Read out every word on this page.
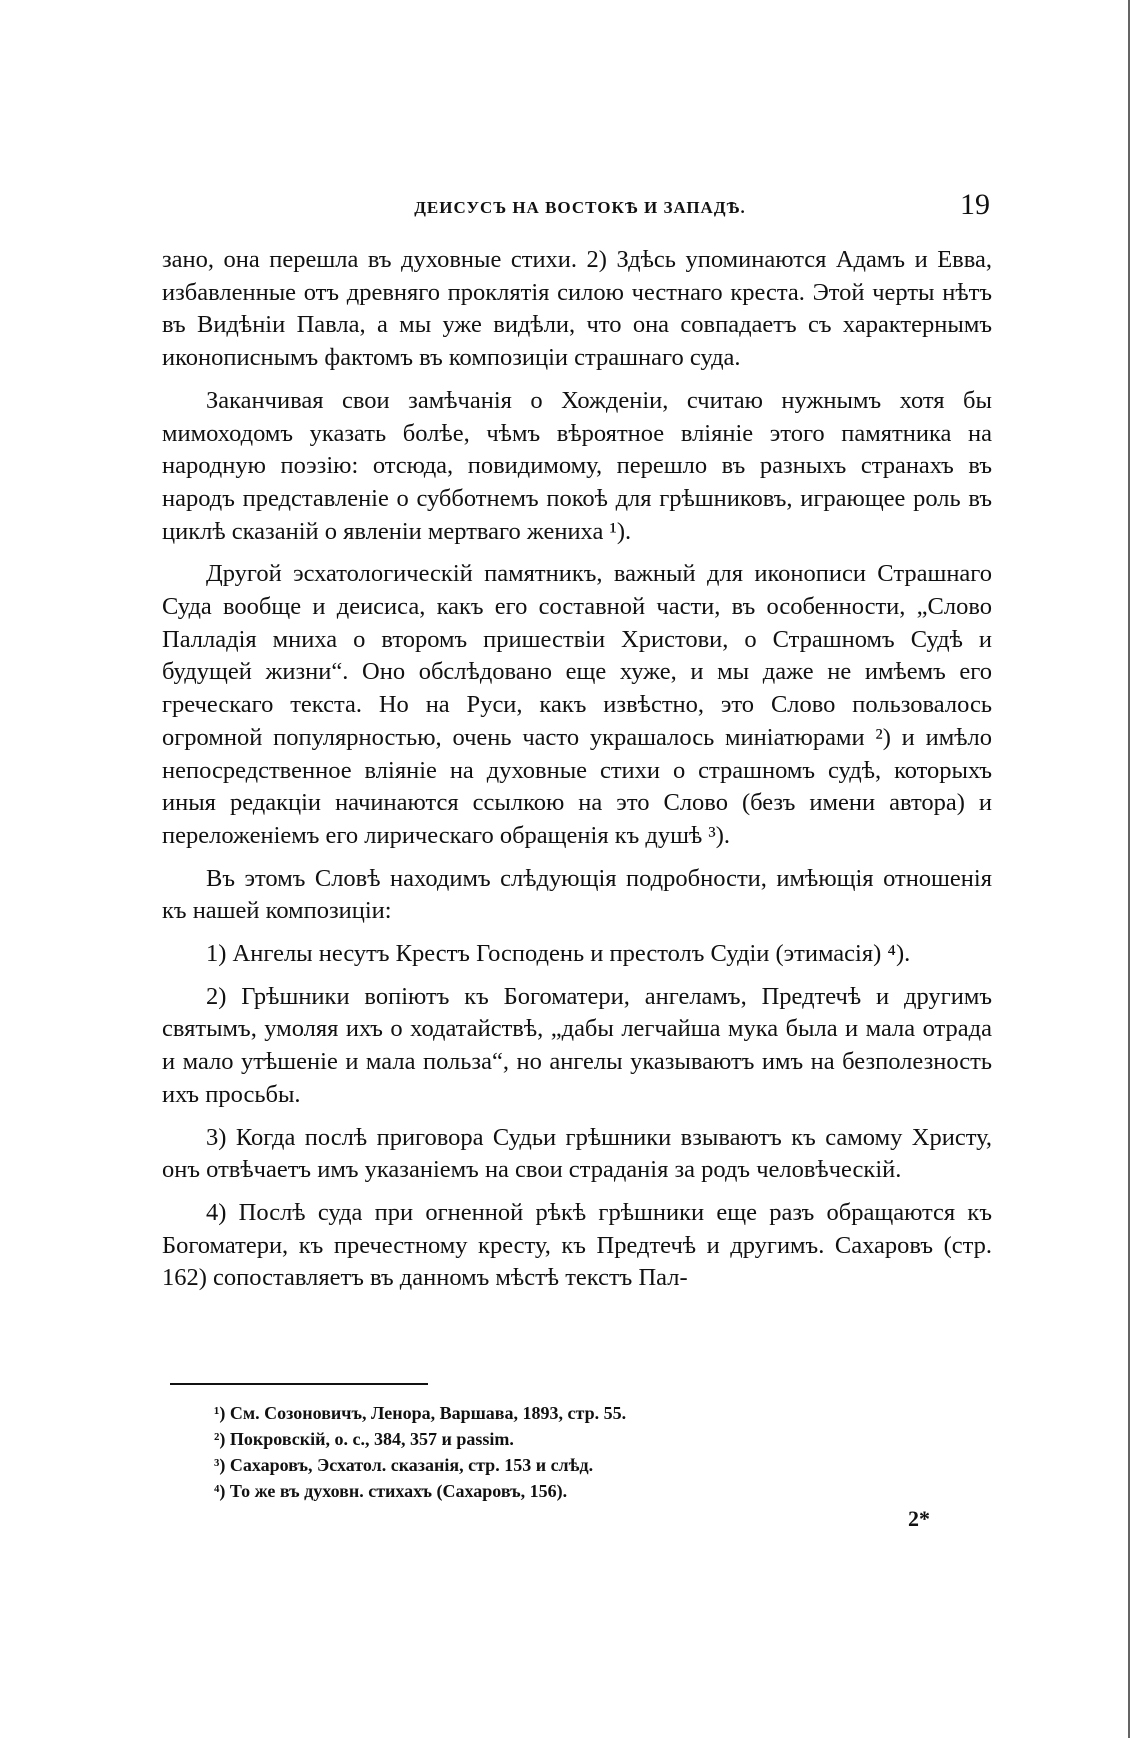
ДЕИСУСЪ НА ВОСТОКѢ И ЗАПАДѢ.	19

зано, она перешла въ духовные стихи. 2) Здѣсь упоминаются Адамъ и Евва, избавленные отъ древняго проклятія силою честнаго креста. Этой черты нѣтъ въ Видѣніи Павла, а мы уже видѣли, что она совпадаетъ съ характернымъ иконописнымъ фактомъ въ композиціи страшнаго суда.

Заканчивая свои замѣчанія о Хожденіи, считаю нужнымъ хотя бы мимоходомъ указать болѣе, чѣмъ вѣроятное вліяніе этого памятника на народную поэзію: отсюда, повидимому, перешло въ разныхъ странахъ въ народъ представленіе о субботнемъ покоѣ для грѣшниковъ, играющее роль въ циклѣ сказаній о явленіи мертваго жениха ¹).

Другой эсхатологическій памятникъ, важный для иконописи Страшнаго Суда вообще и деисиса, какъ его составной части, въ особенности, „Слово Палладія мниха о второмъ пришествіи Христови, о Страшномъ Судѣ и будущей жизни“. Оно обслѣдовано еще хуже, и мы даже не имѣемъ его греческаго текста. Но на Руси, какъ извѣстно, это Слово пользовалось огромной популярностью, очень часто украшалось миніатюрами ²) и имѣло непосредственное вліяніе на духовные стихи о страшномъ судѣ, которыхъ иныя редакціи начинаются ссылкою на это Слово (безъ имени автора) и переложеніемъ его лирическаго обращенія къ душѣ ³).

Въ этомъ Словѣ находимъ слѣдующія подробности, имѣющія отношенія къ нашей композиціи:

1) Ангелы несутъ Крестъ Господень и престолъ Судіи (этимасія) ⁴).

2) Грѣшники вопіютъ къ Богоматери, ангеламъ, Предтечѣ и другимъ святымъ, умоляя ихъ о ходатайствѣ, „дабы легчайша мука была и мала отрада и мало утѣшеніе и мала польза“, но ангелы указываютъ имъ на безполезность ихъ просьбы.

3) Когда послѣ приговора Судьи грѣшники взываютъ къ самому Христу, онъ отвѣчаетъ имъ указаніемъ на свои страданія за родъ человѣческій.

4) Послѣ суда при огненной рѣкѣ грѣшники еще разъ обращаются къ Богоматери, къ пречестному кресту, къ Предтечѣ и другимъ. Сахаровъ (стр. 162) сопоставляетъ въ данномъ мѣстѣ текстъ Пал-

¹) См. Созоновичъ, Ленора, Варшава, 1893, стр. 55.

²) Покровскій, о. с., 384, 357 и passim.

³) Сахаровъ, Эсхатол. сказанія, стр. 153 и слѣд.

⁴) То же въ духовн. стихахъ (Сахаровъ, 156).

2*
